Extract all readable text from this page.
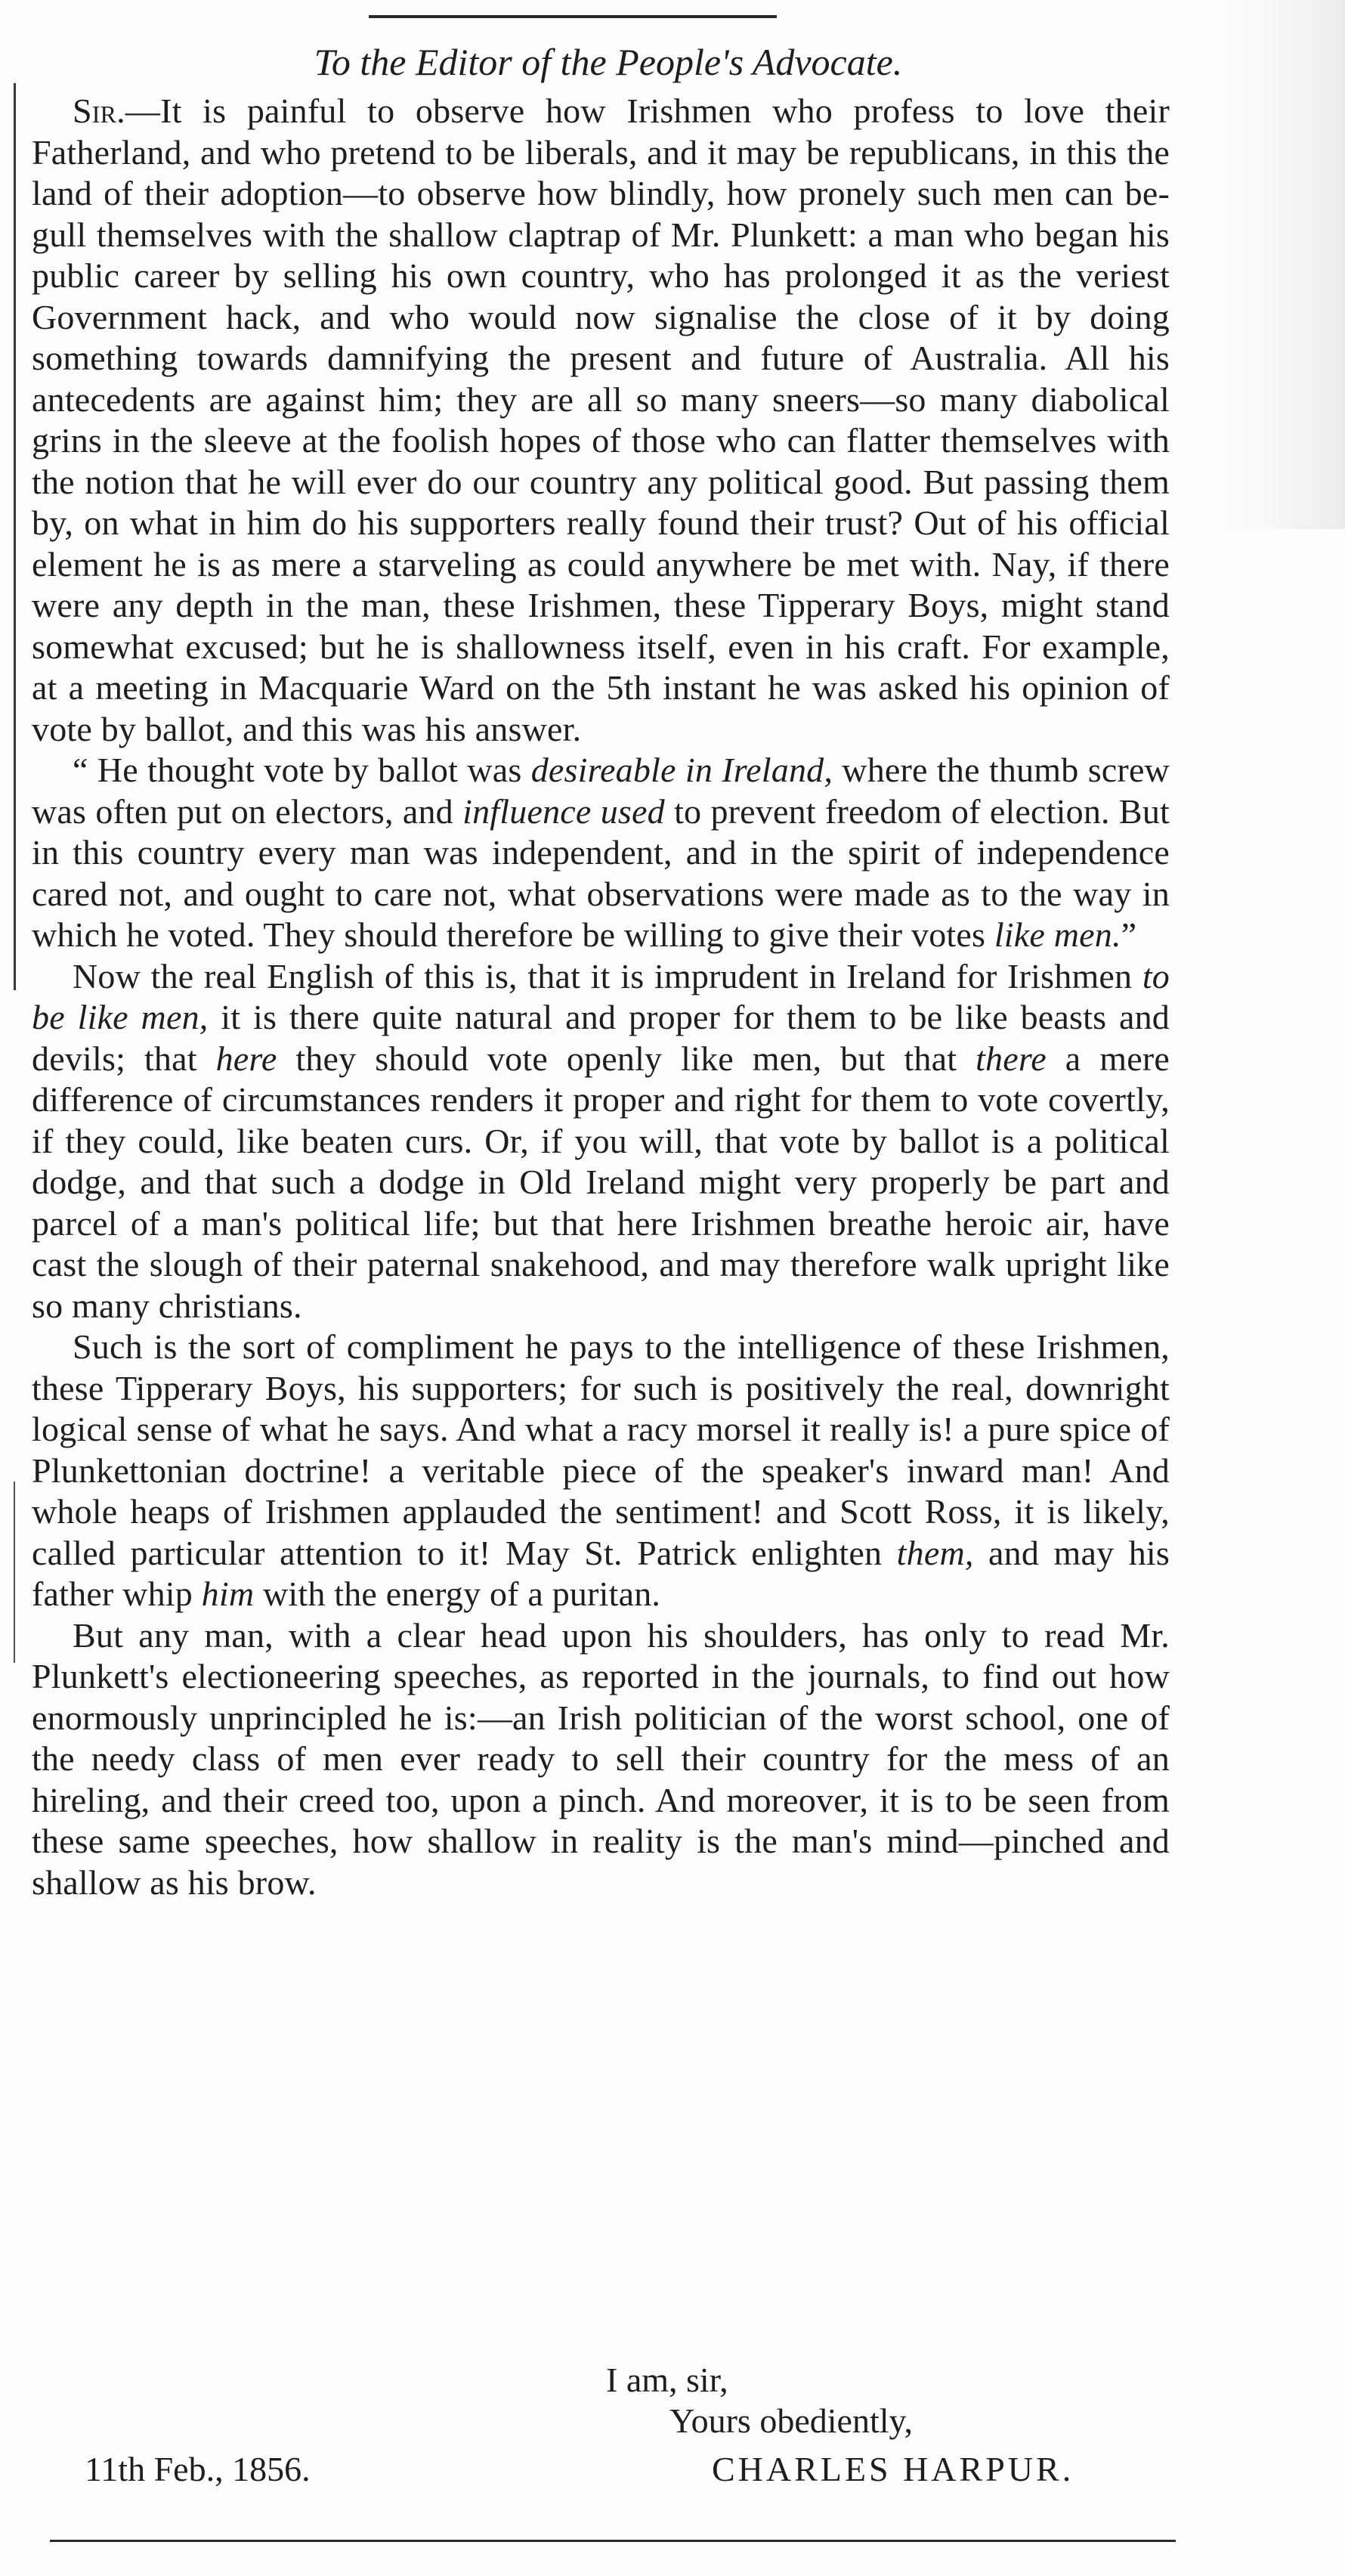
To the Editor of the People's Advocate.

Sir.—It is painful to observe how Irishmen who profess to love their Fatherland, and who pretend to be liberals, and it may be republicans, in this the land of their adoption—to observe how blindly, how pronely such men can be-gull themselves with the shallow claptrap of Mr. Plunkett: a man who began his public career by selling his own country, who has prolonged it as the veriest Government hack, and who would now signalise the close of it by doing something towards damnifying the present and future of Australia. All his antecedents are against him; they are all so many sneers—so many diabolical grins in the sleeve at the foolish hopes of those who can flatter themselves with the notion that he will ever do our country any political good. But passing them by, on what in him do his supporters really found their trust? Out of his official element he is as mere a starveling as could anywhere be met with. Nay, if there were any depth in the man, these Irishmen, these Tipperary Boys, might stand somewhat excused; but he is shallowness itself, even in his craft. For example, at a meeting in Macquarie Ward on the 5th instant he was asked his opinion of vote by ballot, and this was his answer.

“ He thought vote by ballot was desireable in Ireland, where the thumb screw was often put on electors, and influence used to prevent freedom of election. But in this country every man was independent, and in the spirit of independence cared not, and ought to care not, what observations were made as to the way in which he voted. They should therefore be willing to give their votes like men.”

Now the real English of this is, that it is imprudent in Ireland for Irishmen to be like men, it is there quite natural and proper for them to be like beasts and devils; that here they should vote openly like men, but that there a mere difference of circumstances renders it proper and right for them to vote covertly, if they could, like beaten curs. Or, if you will, that vote by ballot is a political dodge, and that such a dodge in Old Ireland might very properly be part and parcel of a man's political life; but that here Irishmen breathe heroic air, have cast the slough of their paternal snakehood, and may therefore walk upright like so many christians.

Such is the sort of compliment he pays to the intelligence of these Irishmen, these Tipperary Boys, his supporters; for such is positively the real, downright logical sense of what he says. And what a racy morsel it really is! a pure spice of Plunkettonian doctrine! a veritable piece of the speaker's inward man! And whole heaps of Irishmen applauded the sentiment! and Scott Ross, it is likely, called particular attention to it! May St. Patrick enlighten them, and may his father whip him with the energy of a puritan.

But any man, with a clear head upon his shoulders, has only to read Mr. Plunkett's electioneering speeches, as reported in the journals, to find out how enormously unprincipled he is:—an Irish politician of the worst school, one of the needy class of men ever ready to sell their country for the mess of an hireling, and their creed too, upon a pinch. And moreover, it is to be seen from these same speeches, how shallow in reality is the man's mind—pinched and shallow as his brow.

I am, sir,
Yours obediently,
11th Feb., 1856.	CHARLES HARPUR.
